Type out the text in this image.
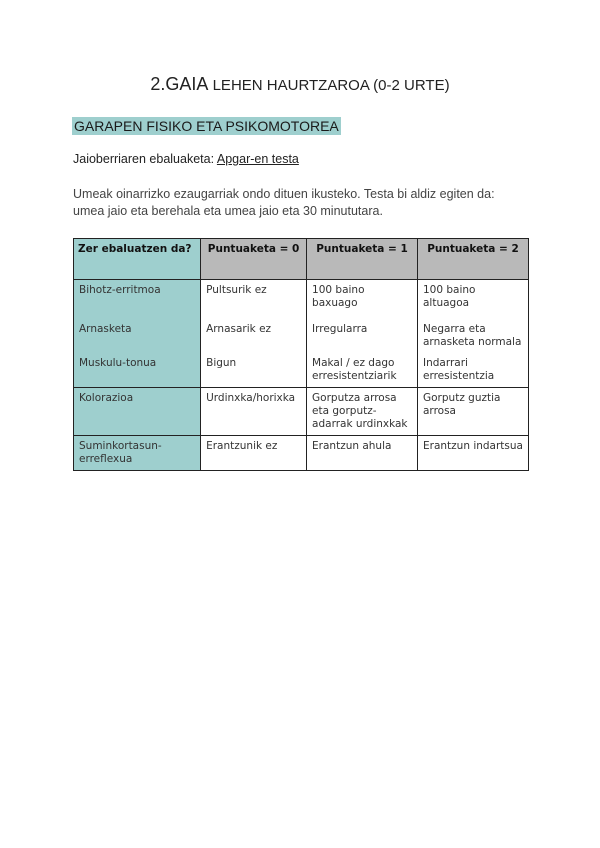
2.GAIA LEHEN HAURTZAROA (0-2 URTE)
GARAPEN FISIKO ETA PSIKOMOTOREA
Jaioberriaren ebaluaketa: Apgar-en testa
Umeak oinarrizko ezaugarriak ondo dituen ikusteko. Testa bi aldiz egiten da: umea jaio eta berehala eta umea jaio eta 30 minututara.
Zer ebaluatzen da?	Puntuaketa = 0	Puntuaketa = 1	Puntuaketa = 2
Bihotz-erritmoa	Pultsurik ez	100 baino baxuago	100 baino altuagoa
Arnasketa	Arnasarik ez	Irregularra	Negarra eta arnasketa normala
Muskulu-tonua	Bigun	Makal / ez dago erresistentziarik	Indarrari erresistentzia
Kolorazioa	Urdinxka/horixka	Gorputza arrosa eta gorputz-adarrak urdinxkak	Gorputz guztia arrosa
Suminkortasun-erreflexua	Erantzunik ez	Erantzun ahula	Erantzun indartsua
